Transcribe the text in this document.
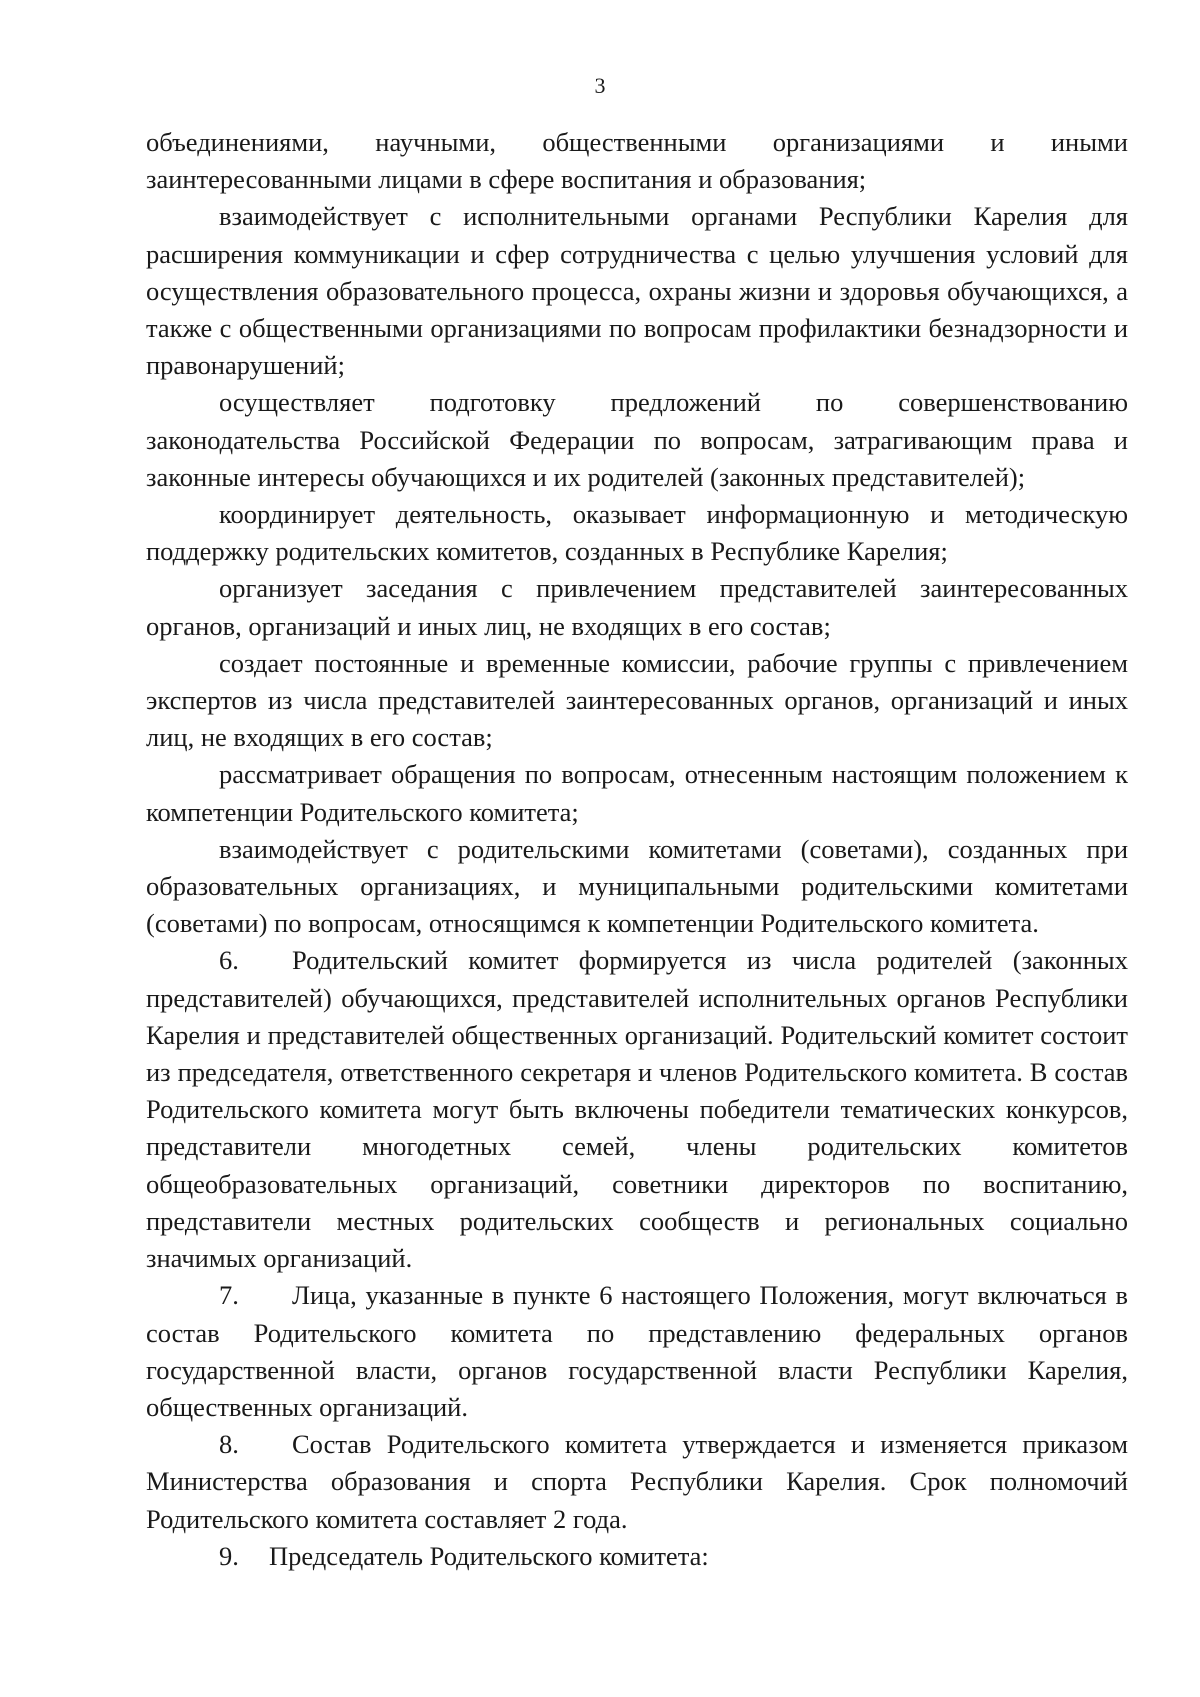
3

объединениями, научными, общественными организациями и иными заинтересованными лицами в сфере воспитания и образования;

взаимодействует с исполнительными органами Республики Карелия для расширения коммуникации и сфер сотрудничества с целью улучшения условий для осуществления образовательного процесса, охраны жизни и здоровья обучающихся, а также с общественными организациями по вопросам профилактики безнадзорности и правонарушений;

осуществляет подготовку предложений по совершенствованию законодательства Российской Федерации по вопросам, затрагивающим права и законные интересы обучающихся и их родителей (законных представителей);

координирует деятельность, оказывает информационную и методическую поддержку родительских комитетов, созданных в Республике Карелия;

организует заседания с привлечением представителей заинтересованных органов, организаций и иных лиц, не входящих в его состав;

создает постоянные и временные комиссии, рабочие группы с привлечением экспертов из числа представителей заинтересованных органов, организаций и иных лиц, не входящих в его состав;

рассматривает обращения по вопросам, отнесенным настоящим положением к компетенции Родительского комитета;

взаимодействует с родительскими комитетами (советами), созданных при образовательных организациях, и муниципальными родительскими комитетами (советами) по вопросам, относящимся к компетенции Родительского комитета.

6. Родительский комитет формируется из числа родителей (законных представителей) обучающихся, представителей исполнительных органов Республики Карелия и представителей общественных организаций. Родительский комитет состоит из председателя, ответственного секретаря и членов Родительского комитета. В состав Родительского комитета могут быть включены победители тематических конкурсов, представители многодетных семей, члены родительских комитетов общеобразовательных организаций, советники директоров по воспитанию, представители местных родительских сообществ и региональных социально значимых организаций.

7. Лица, указанные в пункте 6 настоящего Положения, могут включаться в состав Родительского комитета по представлению федеральных органов государственной власти, органов государственной власти Республики Карелия, общественных организаций.

8. Состав Родительского комитета утверждается и изменяется приказом Министерства образования и спорта Республики Карелия. Срок полномочий Родительского комитета составляет 2 года.

9. Председатель Родительского комитета:
